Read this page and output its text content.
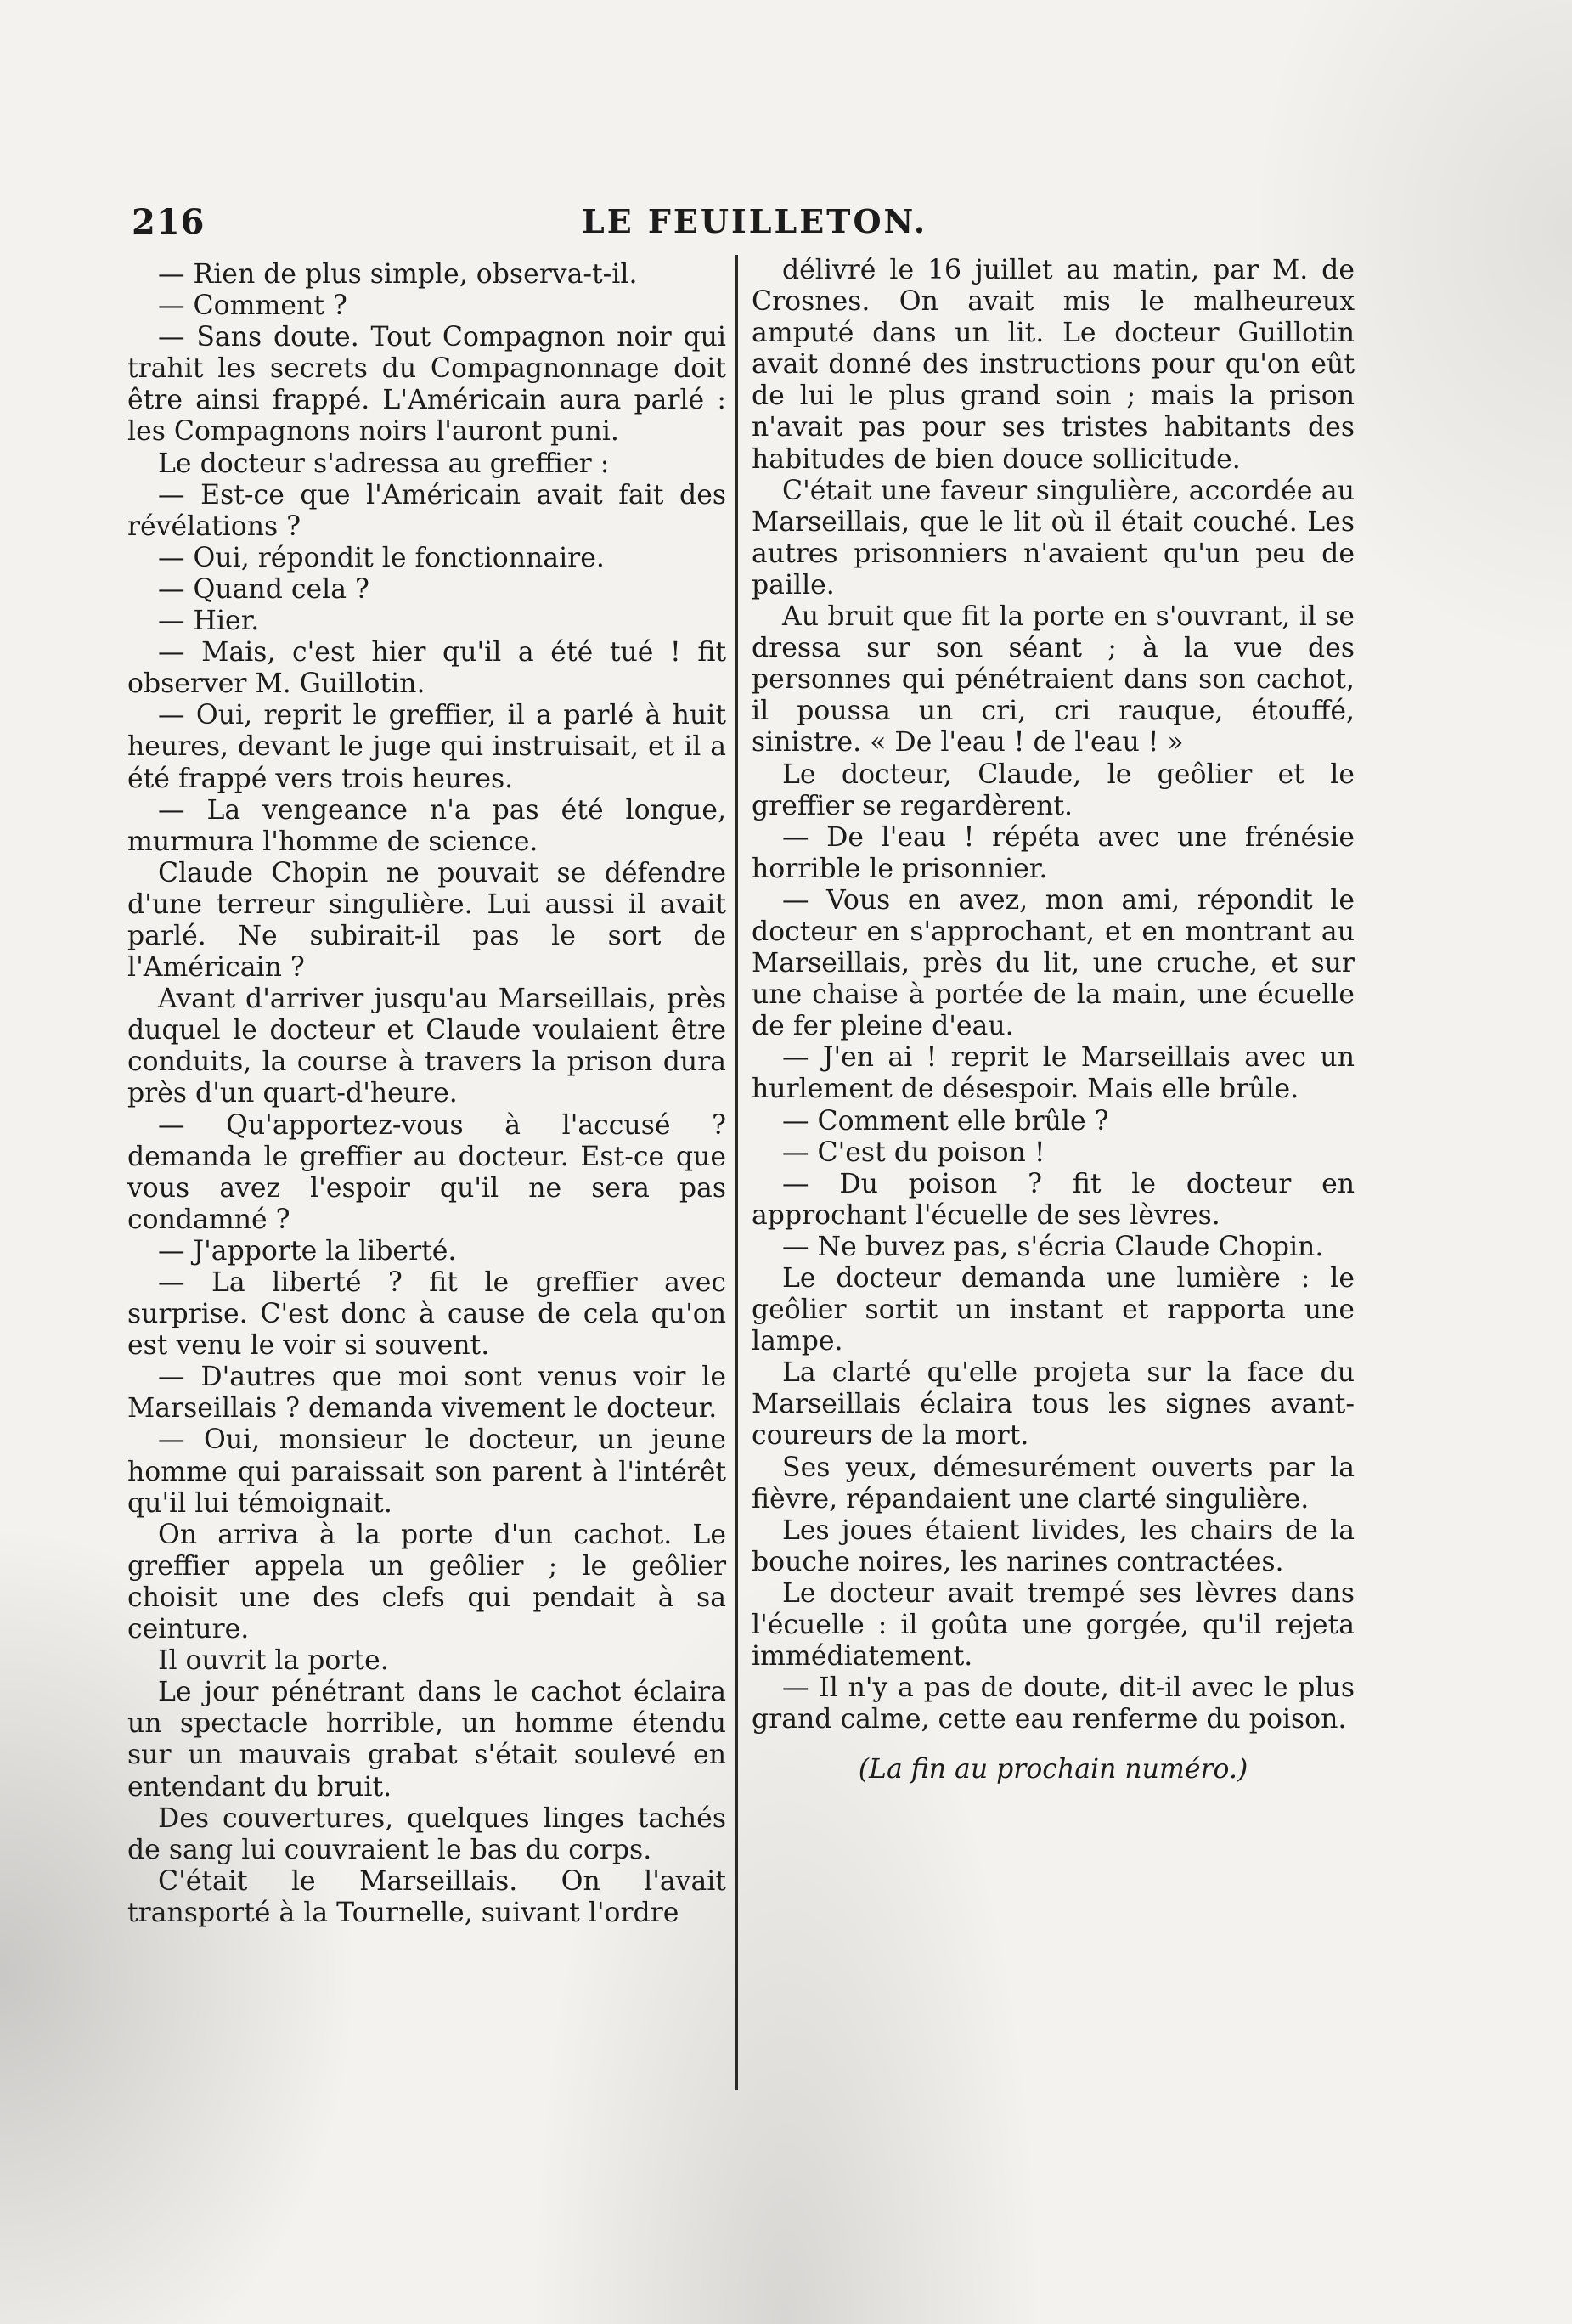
216	LE FEUILLETON.

— Rien de plus simple, observa-t-il.

— Comment ?

— Sans doute. Tout Compagnon noir qui trahit les secrets du Compagnonnage doit être ainsi frappé. L'Américain aura parlé : les Compagnons noirs l'auront puni.

Le docteur s'adressa au greffier :

— Est-ce que l'Américain avait fait des révélations ?

— Oui, répondit le fonctionnaire.

— Quand cela ?

— Hier.

— Mais, c'est hier qu'il a été tué ! fit observer M. Guillotin.

— Oui, reprit le greffier, il a parlé à huit heures, devant le juge qui instruisait, et il a été frappé vers trois heures.

— La vengeance n'a pas été longue, murmura l'homme de science.

Claude Chopin ne pouvait se défendre d'une terreur singulière. Lui aussi il avait parlé. Ne subirait-il pas le sort de l'Américain ?

Avant d'arriver jusqu'au Marseillais, près duquel le docteur et Claude voulaient être conduits, la course à travers la prison dura près d'un quart-d'heure.

— Qu'apportez-vous à l'accusé ? demanda le greffier au docteur. Est-ce que vous avez l'espoir qu'il ne sera pas condamné ?

— J'apporte la liberté.

— La liberté ? fit le greffier avec surprise. C'est donc à cause de cela qu'on est venu le voir si souvent.

— D'autres que moi sont venus voir le Marseillais ? demanda vivement le docteur.

— Oui, monsieur le docteur, un jeune homme qui paraissait son parent à l'intérêt qu'il lui témoignait.

On arriva à la porte d'un cachot. Le greffier appela un geôlier ; le geôlier choisit une des clefs qui pendait à sa ceinture.

Il ouvrit la porte.

Le jour pénétrant dans le cachot éclaira un spectacle horrible, un homme étendu sur un mauvais grabat s'était soulevé en entendant du bruit.

Des couvertures, quelques linges tachés de sang lui couvraient le bas du corps.

C'était le Marseillais. On l'avait transporté à la Tournelle, suivant l'ordre

délivré le 16 juillet au matin, par M. de Crosnes. On avait mis le malheureux amputé dans un lit. Le docteur Guillotin avait donné des instructions pour qu'on eût de lui le plus grand soin ; mais la prison n'avait pas pour ses tristes habitants des habitudes de bien douce sollicitude.

C'était une faveur singulière, accordée au Marseillais, que le lit où il était couché. Les autres prisonniers n'avaient qu'un peu de paille.

Au bruit que fit la porte en s'ouvrant, il se dressa sur son séant ; à la vue des personnes qui pénétraient dans son cachot, il poussa un cri, cri rauque, étouffé, sinistre. « De l'eau ! de l'eau ! »

Le docteur, Claude, le geôlier et le greffier se regardèrent.

— De l'eau ! répéta avec une frénésie horrible le prisonnier.

— Vous en avez, mon ami, répondit le docteur en s'approchant, et en montrant au Marseillais, près du lit, une cruche, et sur une chaise à portée de la main, une écuelle de fer pleine d'eau.

— J'en ai ! reprit le Marseillais avec un hurlement de désespoir. Mais elle brûle.

— Comment elle brûle ?

— C'est du poison !

— Du poison ? fit le docteur en approchant l'écuelle de ses lèvres.

— Ne buvez pas, s'écria Claude Chopin.

Le docteur demanda une lumière : le geôlier sortit un instant et rapporta une lampe.

La clarté qu'elle projeta sur la face du Marseillais éclaira tous les signes avant-coureurs de la mort.

Ses yeux, démesurément ouverts par la fièvre, répandaient une clarté singulière.

Les joues étaient livides, les chairs de la bouche noires, les narines contractées.

Le docteur avait trempé ses lèvres dans l'écuelle : il goûta une gorgée, qu'il rejeta immédiatement.

— Il n'y a pas de doute, dit-il avec le plus grand calme, cette eau renferme du poison.

(La fin au prochain numéro.)
